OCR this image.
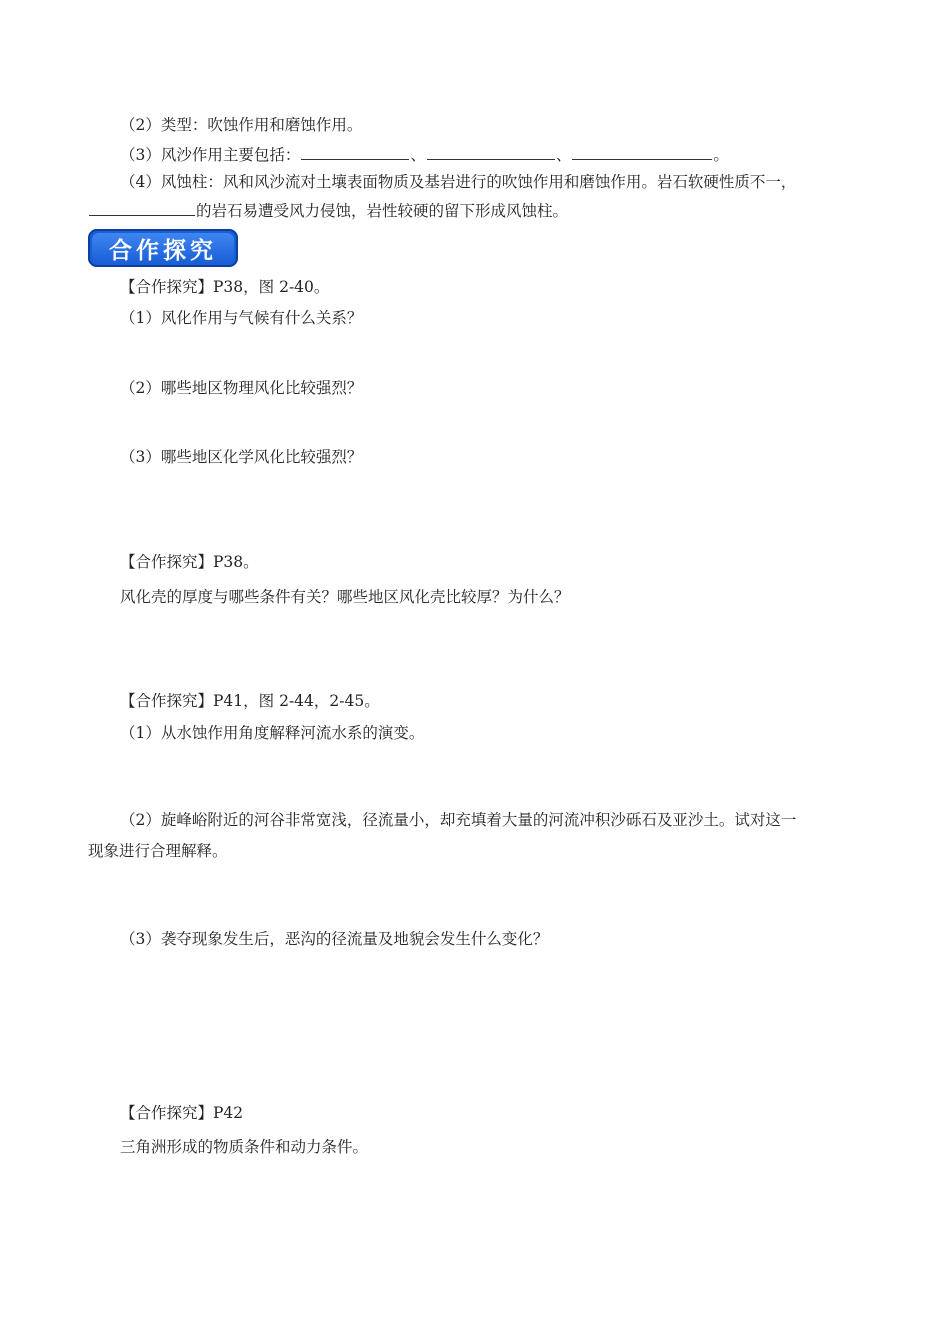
（2）类型：吹蚀作用和磨蚀作用。
（3）风沙作用主要包括：	、	、	。
（4）风蚀柱：风和风沙流对土壤表面物质及基岩进行的吹蚀作用和磨蚀作用。岩石软硬性质不一，
的岩石易遭受风力侵蚀，岩性较硬的留下形成风蚀柱。
合作探究
【合作探究】P38，图 2-40。
（1）风化作用与气候有什么关系？
（2）哪些地区物理风化比较强烈？
（3）哪些地区化学风化比较强烈？
【合作探究】P38。
风化壳的厚度与哪些条件有关？哪些地区风化壳比较厚？为什么？
【合作探究】P41，图 2-44，2-45。
（1）从水蚀作用角度解释河流水系的演变。
（2）旋峰峪附近的河谷非常宽浅，径流量小，却充填着大量的河流冲积沙砾石及亚沙土。试对这一
现象进行合理解释。
（3）袭夺现象发生后，恶沟的径流量及地貌会发生什么变化？
【合作探究】P42
三角洲形成的物质条件和动力条件。
